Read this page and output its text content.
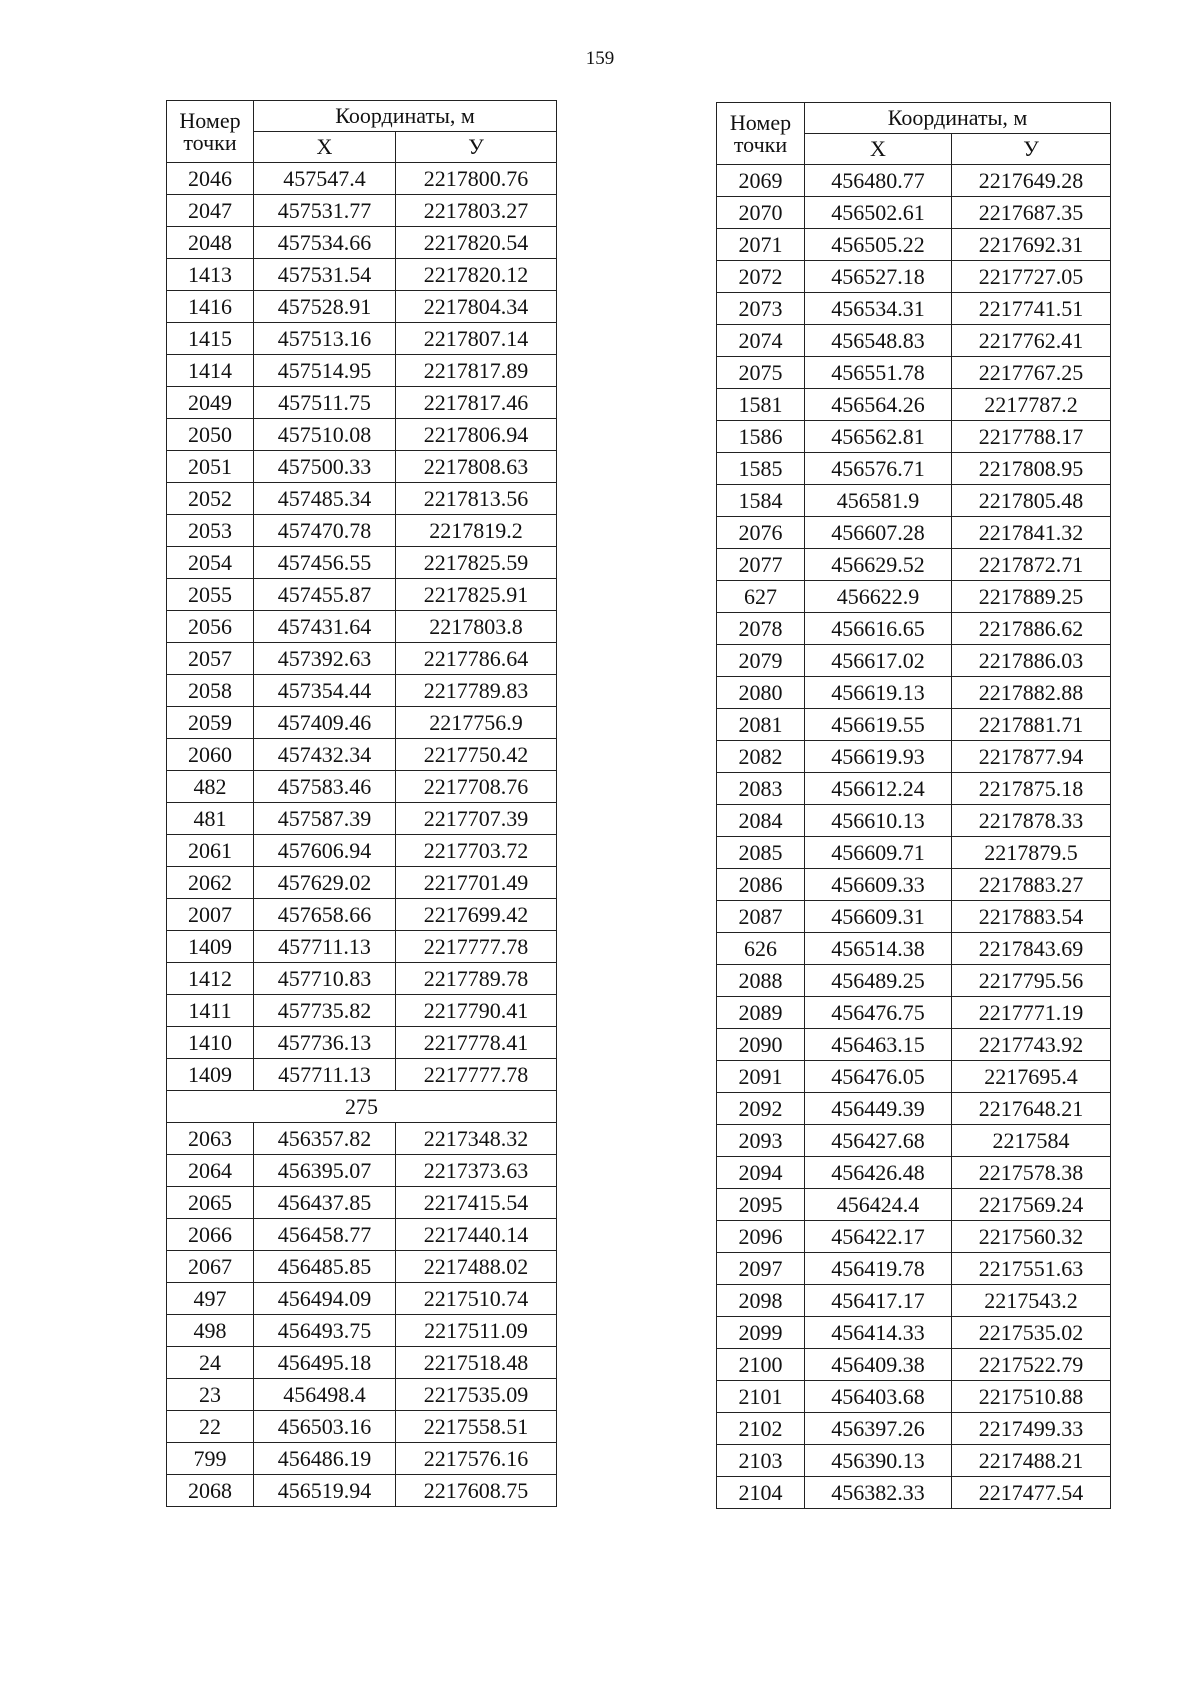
159
Номер
точки	Координаты, м	
	Х	У
2046	457547.4	2217800.76
2047	457531.77	2217803.27
2048	457534.66	2217820.54
1413	457531.54	2217820.12
1416	457528.91	2217804.34
1415	457513.16	2217807.14
1414	457514.95	2217817.89
2049	457511.75	2217817.46
2050	457510.08	2217806.94
2051	457500.33	2217808.63
2052	457485.34	2217813.56
2053	457470.78	2217819.2
2054	457456.55	2217825.59
2055	457455.87	2217825.91
2056	457431.64	2217803.8
2057	457392.63	2217786.64
2058	457354.44	2217789.83
2059	457409.46	2217756.9
2060	457432.34	2217750.42
482	457583.46	2217708.76
481	457587.39	2217707.39
2061	457606.94	2217703.72
2062	457629.02	2217701.49
2007	457658.66	2217699.42
1409	457711.13	2217777.78
1412	457710.83	2217789.78
1411	457735.82	2217790.41
1410	457736.13	2217778.41
1409	457711.13	2217777.78
275		
2063	456357.82	2217348.32
2064	456395.07	2217373.63
2065	456437.85	2217415.54
2066	456458.77	2217440.14
2067	456485.85	2217488.02
497	456494.09	2217510.74
498	456493.75	2217511.09
24	456495.18	2217518.48
23	456498.4	2217535.09
22	456503.16	2217558.51
799	456486.19	2217576.16
2068	456519.94	2217608.75
Номер
точки	Координаты, м	
	Х	У
2069	456480.77	2217649.28
2070	456502.61	2217687.35
2071	456505.22	2217692.31
2072	456527.18	2217727.05
2073	456534.31	2217741.51
2074	456548.83	2217762.41
2075	456551.78	2217767.25
1581	456564.26	2217787.2
1586	456562.81	2217788.17
1585	456576.71	2217808.95
1584	456581.9	2217805.48
2076	456607.28	2217841.32
2077	456629.52	2217872.71
627	456622.9	2217889.25
2078	456616.65	2217886.62
2079	456617.02	2217886.03
2080	456619.13	2217882.88
2081	456619.55	2217881.71
2082	456619.93	2217877.94
2083	456612.24	2217875.18
2084	456610.13	2217878.33
2085	456609.71	2217879.5
2086	456609.33	2217883.27
2087	456609.31	2217883.54
626	456514.38	2217843.69
2088	456489.25	2217795.56
2089	456476.75	2217771.19
2090	456463.15	2217743.92
2091	456476.05	2217695.4
2092	456449.39	2217648.21
2093	456427.68	2217584
2094	456426.48	2217578.38
2095	456424.4	2217569.24
2096	456422.17	2217560.32
2097	456419.78	2217551.63
2098	456417.17	2217543.2
2099	456414.33	2217535.02
2100	456409.38	2217522.79
2101	456403.68	2217510.88
2102	456397.26	2217499.33
2103	456390.13	2217488.21
2104	456382.33	2217477.54
